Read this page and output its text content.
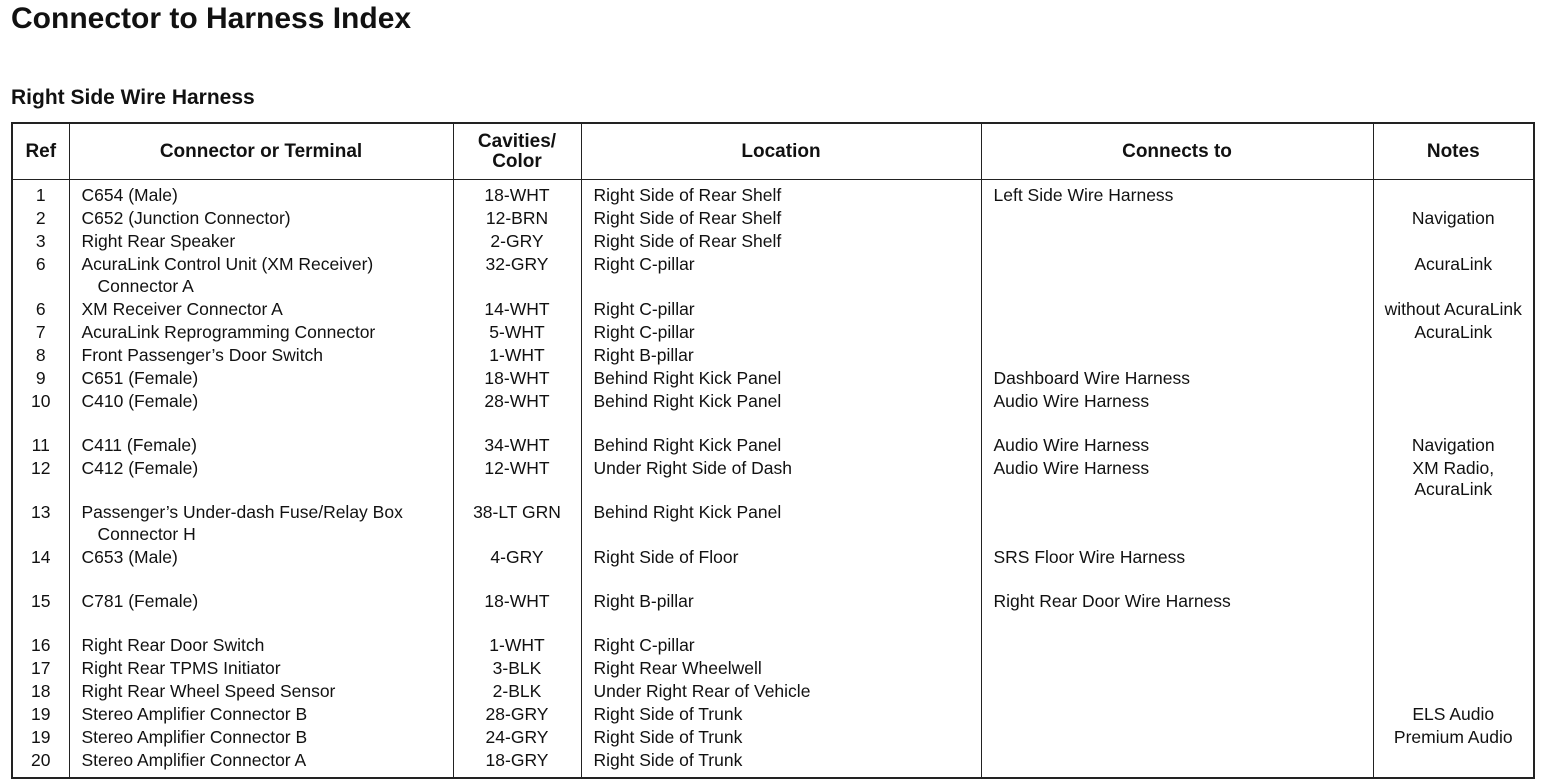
Connector to Harness Index
Right Side Wire Harness
Ref	Connector or Terminal	Cavities/
Color	Location	Connects to	Notes
1	C654 (Male)	18-WHT	Right Side of Rear Shelf	Left Side Wire Harness	
2	C652 (Junction Connector)	12-BRN	Right Side of Rear Shelf		Navigation
3	Right Rear Speaker	2-GRY	Right Side of Rear Shelf		
6	AcuraLink Control Unit (XM Receiver)
Connector A	32-GRY	Right C-pillar		AcuraLink
6	XM Receiver Connector A	14-WHT	Right C-pillar		without AcuraLink
7	AcuraLink Reprogramming Connector	5-WHT	Right C-pillar		AcuraLink
8	Front Passenger’s Door Switch	1-WHT	Right B-pillar		
9	C651 (Female)	18-WHT	Behind Right Kick Panel	Dashboard Wire Harness	
10	C410 (Female)	28-WHT	Behind Right Kick Panel	Audio Wire Harness	
11	C411 (Female)	34-WHT	Behind Right Kick Panel	Audio Wire Harness	Navigation
12	C412 (Female)	12-WHT	Under Right Side of Dash	Audio Wire Harness	XM Radio,
AcuraLink

13	Passenger’s Under-dash Fuse/Relay Box
Connector H	38-LT GRN	Behind Right Kick Panel		
14	C653 (Male)	4-GRY	Right Side of Floor	SRS Floor Wire Harness	
15	C781 (Female)	18-WHT	Right B-pillar	Right Rear Door Wire Harness	
16	Right Rear Door Switch	1-WHT	Right C-pillar		
17	Right Rear TPMS Initiator	3-BLK	Right Rear Wheelwell		
18	Right Rear Wheel Speed Sensor	2-BLK	Under Right Rear of Vehicle		
19	Stereo Amplifier Connector B	28-GRY	Right Side of Trunk		ELS Audio
19	Stereo Amplifier Connector B	24-GRY	Right Side of Trunk		Premium Audio
20	Stereo Amplifier Connector A	18-GRY	Right Side of Trunk		
